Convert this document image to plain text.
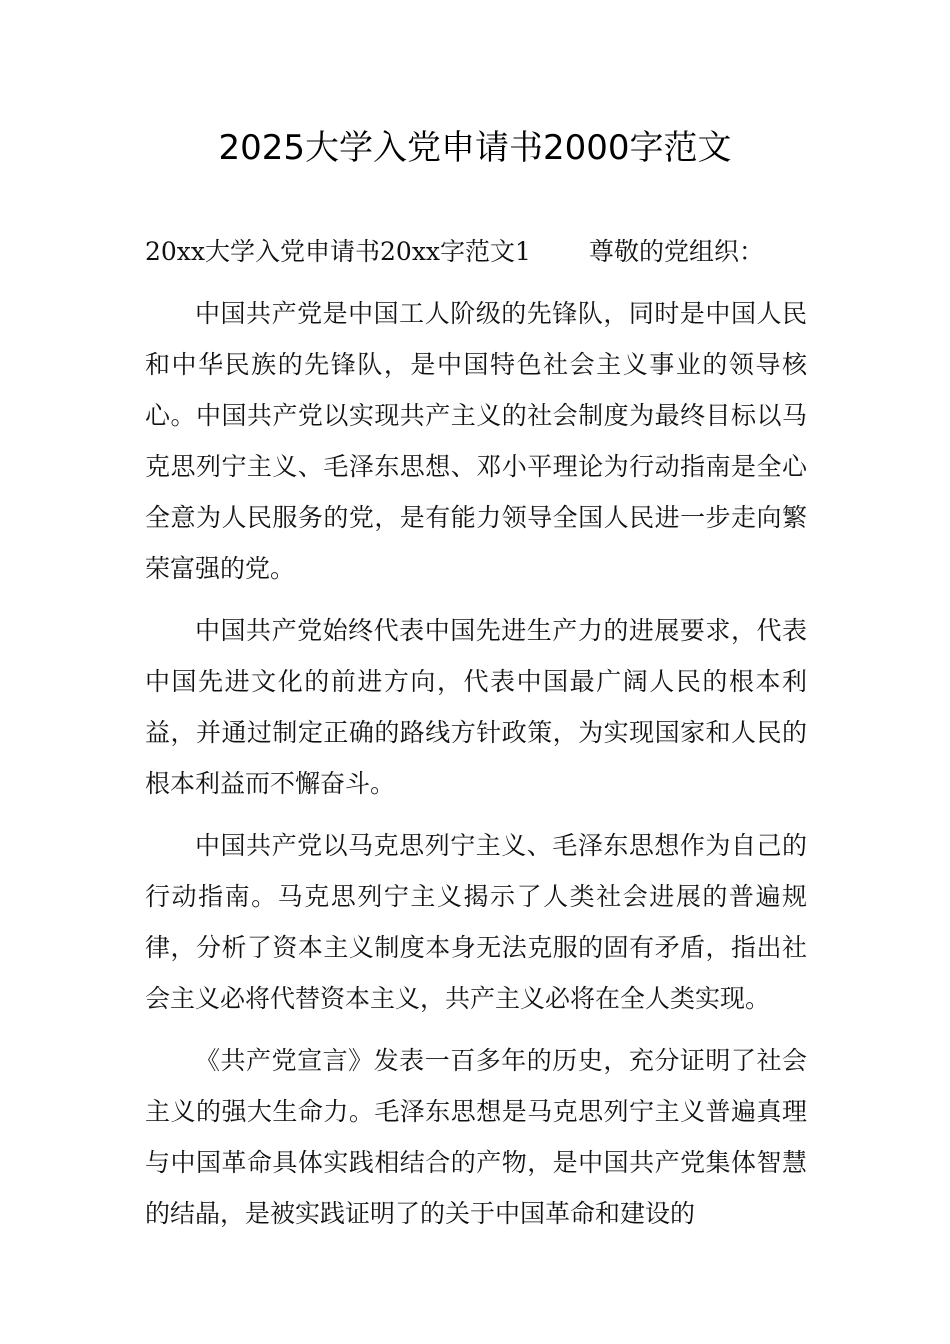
2025大学入党申请书2000字范文

20xx大学入党申请书20xx字范文1 尊敬的党组织：

中国共产党是中国工人阶级的先锋队，同时是中国人民和中华民族的先锋队，是中国特色社会主义事业的领导核心。中国共产党以实现共产主义的社会制度为最终目标以马克思列宁主义、毛泽东思想、邓小平理论为行动指南是全心全意为人民服务的党，是有能力领导全国人民进一步走向繁荣富强的党。

中国共产党始终代表中国先进生产力的进展要求，代表中国先进文化的前进方向，代表中国最广阔人民的根本利益，并通过制定正确的路线方针政策，为实现国家和人民的根本利益而不懈奋斗。

中国共产党以马克思列宁主义、毛泽东思想作为自己的行动指南。马克思列宁主义揭示了人类社会进展的普遍规律，分析了资本主义制度本身无法克服的固有矛盾，指出社会主义必将代替资本主义，共产主义必将在全人类实现。

《共产党宣言》发表一百多年的历史，充分证明了社会主义的强大生命力。毛泽东思想是马克思列宁主义普遍真理与中国革命具体实践相结合的产物，是中国共产党集体智慧的结晶，是被实践证明了的关于中国革命和建设的
